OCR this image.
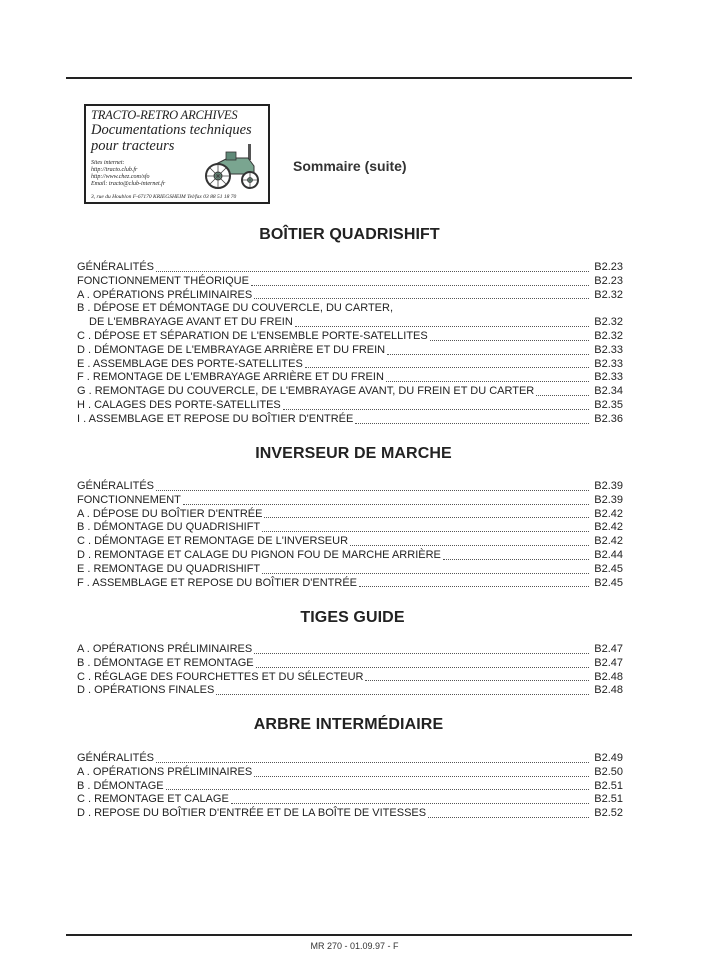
TRACTO-RETRO ARCHIVES
Documentations techniques
pour tracteurs
Sites internet:
http://tracto.club.fr
http://www.chez.com/sfo
Email: tracto@club-internet.fr
3, rue du Houblon F-67170 KRIEGSHEIM Tel/fax 03 88 51 18 70
Sommaire (suite)
BOÎTIER QUADRISHIFT
GÉNÉRALITÉS	B2.23
FONCTIONNEMENT THÉORIQUE	B2.23
A . OPÉRATIONS PRÉLIMINAIRES	B2.32
B . DÉPOSE ET DÉMONTAGE DU COUVERCLE, DU CARTER,
DE L'EMBRAYAGE AVANT ET DU FREIN	B2.32
C . DÉPOSE ET SÉPARATION DE L'ENSEMBLE PORTE-SATELLITES	B2.32
D . DÉMONTAGE DE L'EMBRAYAGE ARRIÈRE ET DU FREIN	B2.33
E . ASSEMBLAGE DES PORTE-SATELLITES	B2.33
F . REMONTAGE DE L'EMBRAYAGE ARRIÈRE ET DU FREIN	B2.33
G . REMONTAGE DU COUVERCLE, DE L'EMBRAYAGE AVANT, DU FREIN ET DU CARTER	B2.34
H . CALAGES DES PORTE-SATELLITES	B2.35
I . ASSEMBLAGE ET REPOSE DU BOÎTIER D'ENTRÉE	B2.36
INVERSEUR DE MARCHE
GÉNÉRALITÉS	B2.39
FONCTIONNEMENT	B2.39
A . DÉPOSE DU BOÎTIER D'ENTRÉE	B2.42
B . DÉMONTAGE DU QUADRISHIFT	B2.42
C . DÉMONTAGE ET REMONTAGE DE L'INVERSEUR	B2.42
D . REMONTAGE ET CALAGE DU PIGNON FOU DE MARCHE ARRIÈRE	B2.44
E . REMONTAGE DU QUADRISHIFT	B2.45
F . ASSEMBLAGE ET REPOSE DU BOÎTIER D'ENTRÉE	B2.45
TIGES GUIDE
A . OPÉRATIONS PRÉLIMINAIRES	B2.47
B . DÉMONTAGE ET REMONTAGE	B2.47
C . RÉGLAGE DES FOURCHETTES ET DU SÉLECTEUR	B2.48
D . OPÉRATIONS FINALES	B2.48
ARBRE INTERMÉDIAIRE
GÉNÉRALITÉS	B2.49
A . OPÉRATIONS PRÉLIMINAIRES	B2.50
B . DÉMONTAGE	B2.51
C . REMONTAGE ET CALAGE	B2.51
D . REPOSE DU BOÎTIER D'ENTRÉE ET DE LA BOÎTE DE VITESSES	B2.52
MR 270 - 01.09.97 - F
